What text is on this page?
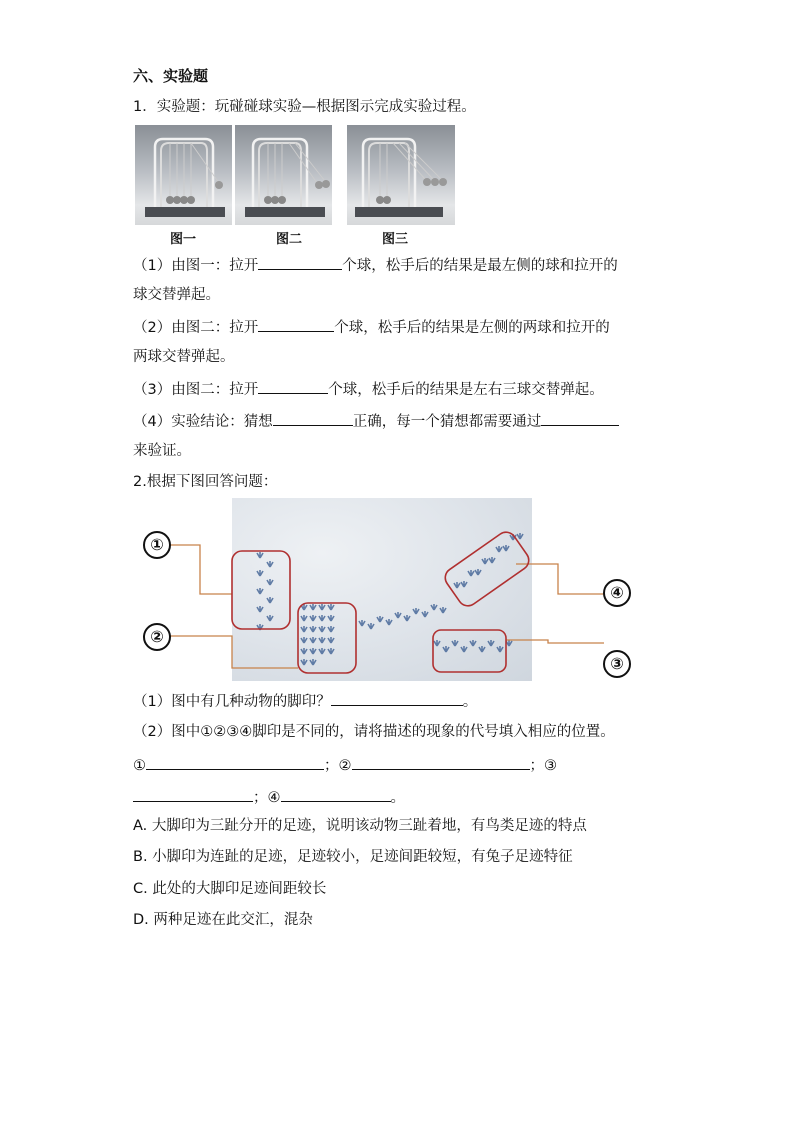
六、实验题
1．实验题：玩碰碰球实验—根据图示完成实验过程。
图一	图二	图三
（1）由图一：拉开	个球，松手后的结果是最左侧的球和拉开的
球交替弹起。
（2）由图二：拉开	个球，松手后的结果是左侧的两球和拉开的
两球交替弹起。
（3）由图二：拉开	个球，松手后的结果是左右三球交替弹起。
（4）实验结论：猜想	正确，每一个猜想都需要通过
来验证。
2.根据下图回答问题：
①
②
③
④
（1）图中有几种动物的脚印？	。
（2）图中①②③④脚印是不同的，请将描述的现象的代号填入相应的位置。
①	；②	；③
；④	。
A. 大脚印为三趾分开的足迹，说明该动物三趾着地，有鸟类足迹的特点
B. 小脚印为连趾的足迹，足迹较小，足迹间距较短，有兔子足迹特征
C. 此处的大脚印足迹间距较长
D. 两种足迹在此交汇，混杂
